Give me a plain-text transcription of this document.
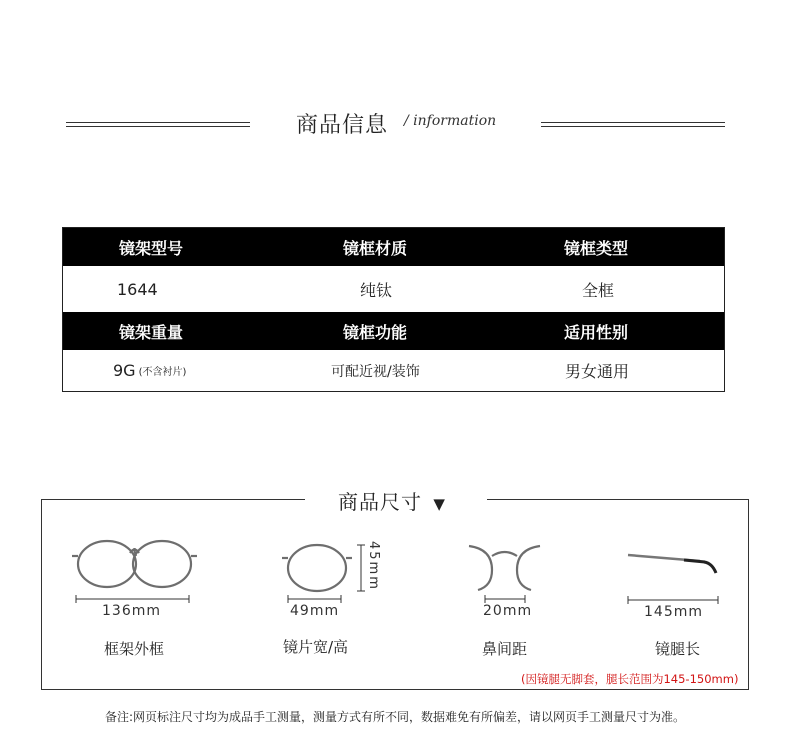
商品信息 / information
镜架型号	镜框材质	镜框类型
1644	纯钛	全框
镜架重量	镜框功能	适用性别
9G (不含衬片)	可配近视/装饰	男女通用
商品尺寸 ▼
136mm	49mm
45mm
20mm	145mm
框架外框	镜片宽/高	鼻间距	镜腿长
(因镜腿无脚套，腿长范围为145-150mm)
备注:网页标注尺寸均为成品手工测量，测量方式有所不同，数据难免有所偏差，请以网页手工测量尺寸为准。
